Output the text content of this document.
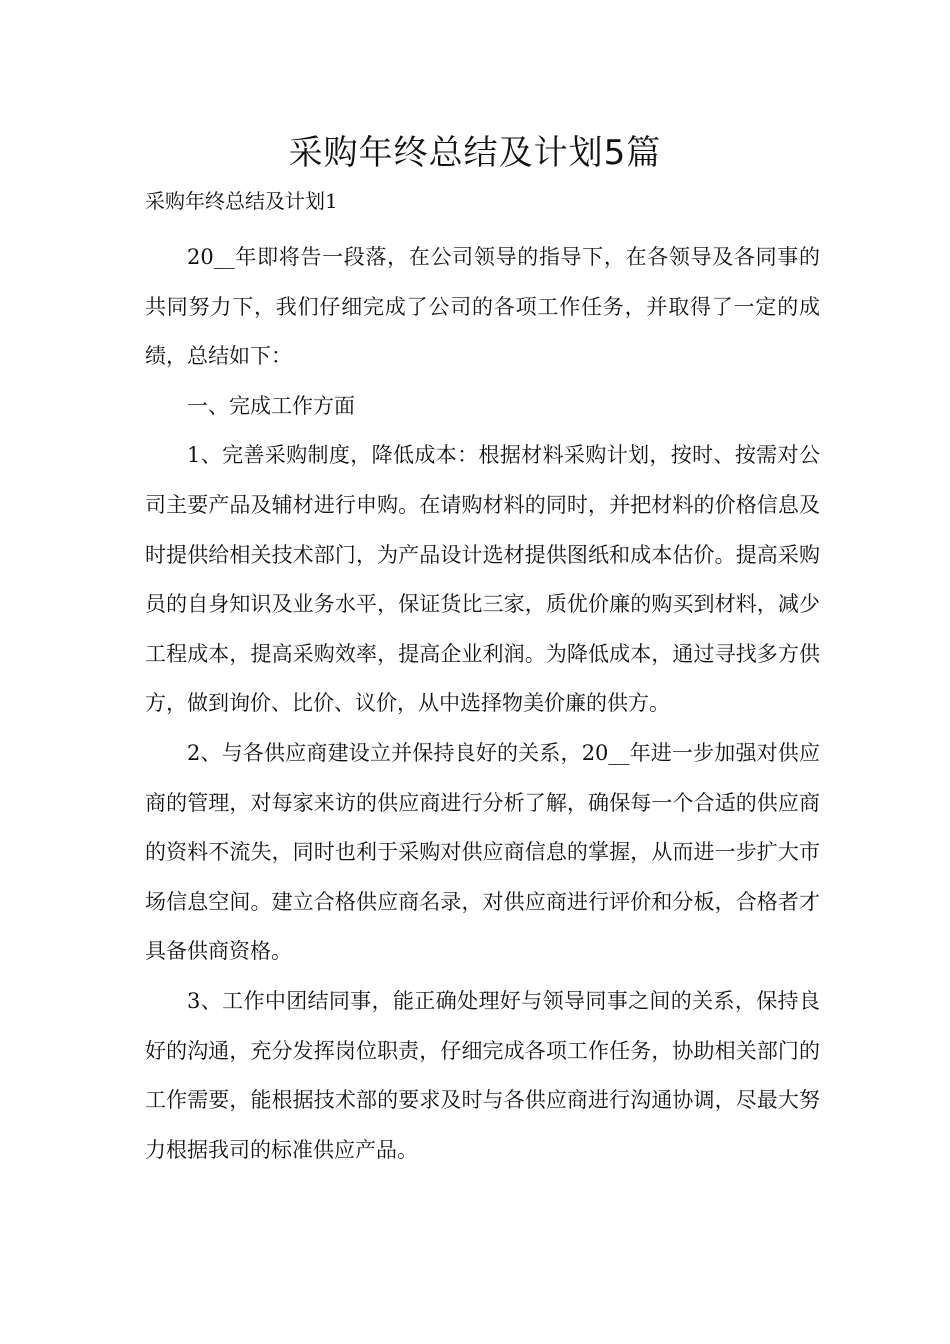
采购年终总结及计划5篇

采购年终总结及计划1

20__年即将告一段落，在公司领导的指导下，在各领导及各同事的共同努力下，我们仔细完成了公司的各项工作任务，并取得了一定的成绩，总结如下：

一、完成工作方面

1、完善采购制度，降低成本：根据材料采购计划，按时、按需对公司主要产品及辅材进行申购。在请购材料的同时，并把材料的价格信息及时提供给相关技术部门，为产品设计选材提供图纸和成本估价。提高采购员的自身知识及业务水平，保证货比三家，质优价廉的购买到材料，减少工程成本，提高采购效率，提高企业利润。为降低成本，通过寻找多方供方，做到询价、比价、议价，从中选择物美价廉的供方。

2、与各供应商建设立并保持良好的关系，20__年进一步加强对供应商的管理，对每家来访的供应商进行分析了解，确保每一个合适的供应商的资料不流失，同时也利于采购对供应商信息的掌握，从而进一步扩大市场信息空间。建立合格供应商名录，对供应商进行评价和分板，合格者才具备供商资格。

3、工作中团结同事，能正确处理好与领导同事之间的关系，保持良好的沟通，充分发挥岗位职责，仔细完成各项工作任务，协助相关部门的工作需要，能根据技术部的要求及时与各供应商进行沟通协调，尽最大努力根据我司的标准供应产品。
